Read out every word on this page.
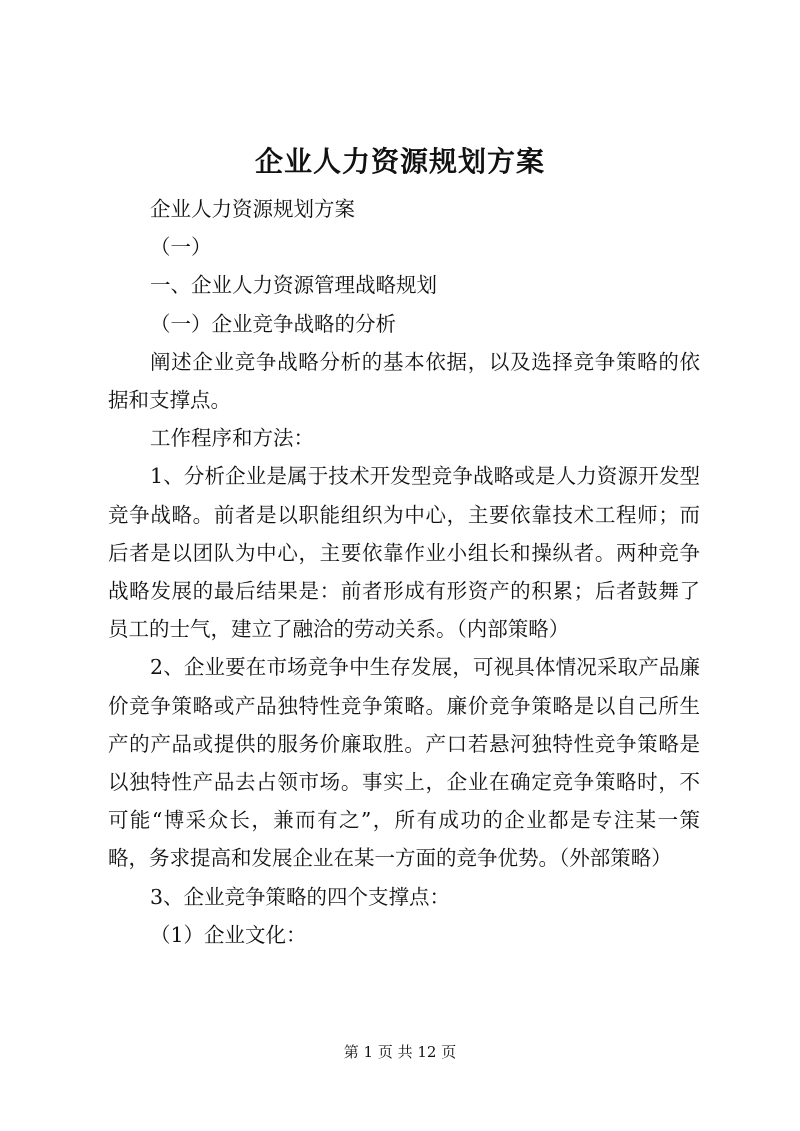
企业人力资源规划方案

企业人力资源规划方案

（一）

一、企业人力资源管理战略规划

（一）企业竞争战略的分析

阐述企业竞争战略分析的基本依据，以及选择竞争策略的依据和支撑点。

工作程序和方法：

1、分析企业是属于技术开发型竞争战略或是人力资源开发型竞争战略。前者是以职能组织为中心，主要依靠技术工程师；而后者是以团队为中心，主要依靠作业小组长和操纵者。两种竞争战略发展的最后结果是：前者形成有形资产的积累；后者鼓舞了员工的士气，建立了融洽的劳动关系。（内部策略）

2、企业要在市场竞争中生存发展，可视具体情况采取产品廉价竞争策略或产品独特性竞争策略。廉价竞争策略是以自己所生产的产品或提供的服务价廉取胜。产口若悬河独特性竞争策略是以独特性产品去占领市场。事实上，企业在确定竞争策略时，不可能“博采众长，兼而有之”，所有成功的企业都是专注某一策略，务求提高和发展企业在某一方面的竞争优势。（外部策略）

3、企业竞争策略的四个支撑点：

（1）企业文化：

第 1 页 共 12 页
